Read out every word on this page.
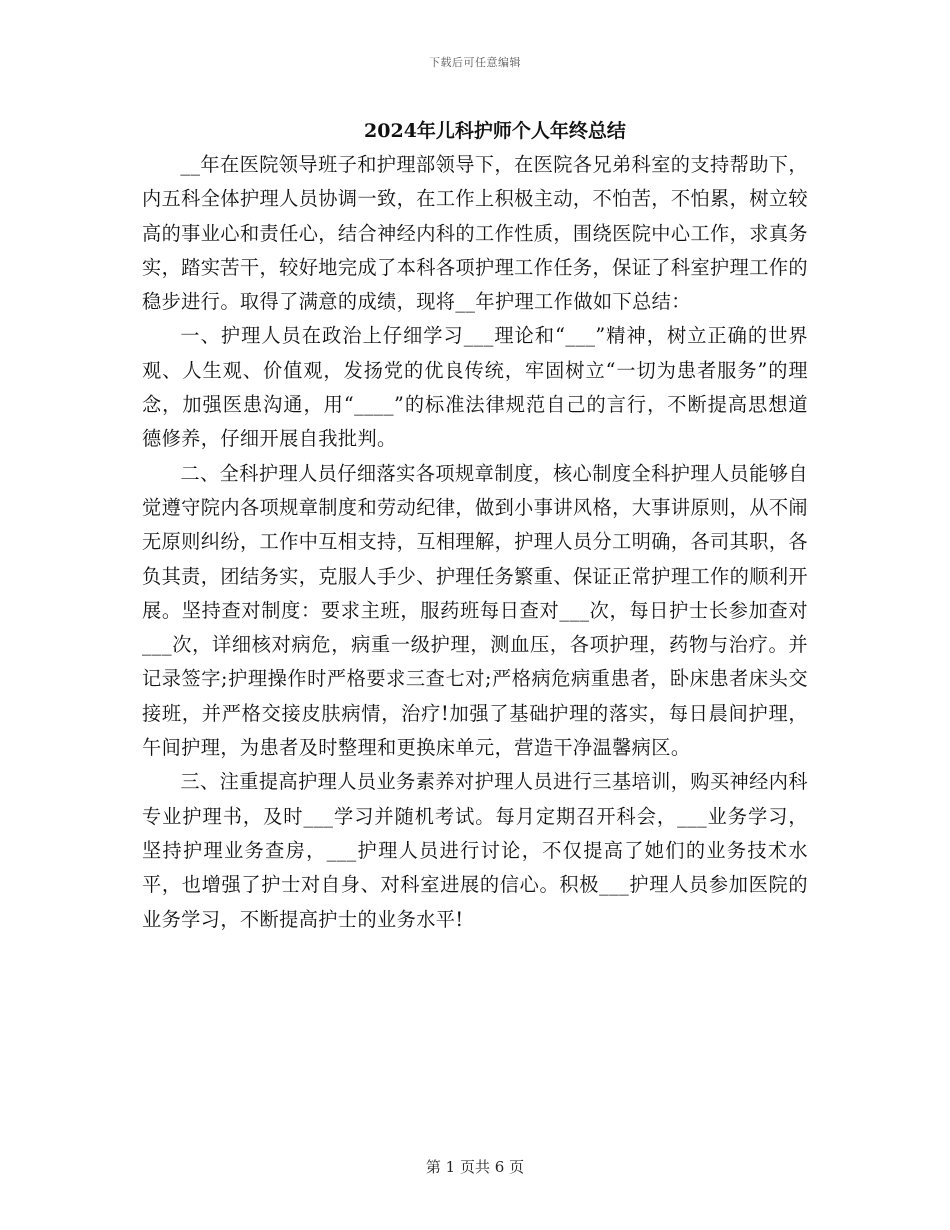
下载后可任意编辑
2024年儿科护师个人年终总结

__年在医院领导班子和护理部领导下，在医院各兄弟科室的支持帮助下，内五科全体护理人员协调一致，在工作上积极主动，不怕苦，不怕累，树立较高的事业心和责任心，结合神经内科的工作性质，围绕医院中心工作，求真务实，踏实苦干，较好地完成了本科各项护理工作任务，保证了科室护理工作的稳步进行。取得了满意的成绩，现将__年护理工作做如下总结：

一、护理人员在政治上仔细学习___理论和“___”精神，树立正确的世界观、人生观、价值观，发扬党的优良传统，牢固树立“一切为患者服务”的理念，加强医患沟通，用“____”的标准法律规范自己的言行，不断提高思想道德修养，仔细开展自我批判。

二、全科护理人员仔细落实各项规章制度，核心制度全科护理人员能够自觉遵守院内各项规章制度和劳动纪律，做到小事讲风格，大事讲原则，从不闹无原则纠纷，工作中互相支持，互相理解，护理人员分工明确，各司其职，各负其责，团结务实，克服人手少、护理任务繁重、保证正常护理工作的顺利开展。坚持查对制度：要求主班，服药班每日查对___次，每日护士长参加查对___次，详细核对病危，病重一级护理，测血压，各项护理，药物与治疗。并记录签字;护理操作时严格要求三查七对;严格病危病重患者，卧床患者床头交接班，并严格交接皮肤病情，治疗!加强了基础护理的落实，每日晨间护理，午间护理，为患者及时整理和更换床单元，营造干净温馨病区。

三、注重提高护理人员业务素养对护理人员进行三基培训，购买神经内科专业护理书，及时___学习并随机考试。每月定期召开科会，___业务学习，坚持护理业务查房，___护理人员进行讨论，不仅提高了她们的业务技术水平，也增强了护士对自身、对科室进展的信心。积极___护理人员参加医院的业务学习，不断提高护士的业务水平!

第 1 页共 6 页
